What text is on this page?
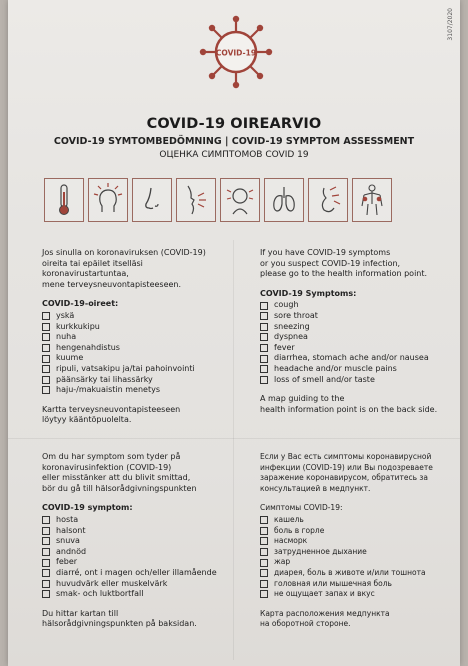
3107/2020
COVID-19
COVID-19 OIREARVIO
COVID-19 SYMTOMBEDÖMNING | COVID-19 SYMPTOM ASSESSMENT
ОЦЕНКА СИМПТОМОВ COVID 19

Jos sinulla on koronaviruksen (COVID-19)

oireita tai epäilet itselläsi koronavirustartuntaa,

mene terveysneuvontapisteeseen.

COVID-19-oireet:

yskä
kurkkukipu
nuha
hengenahdistus
kuume
ripuli, vatsakipu ja/tai pahoinvointi
päänsärky tai lihassärky
haju-/makuaistin menetys

Kartta terveysneuvontapisteeseen

löytyy kääntöpuolelta.

If you have COVID-19 symptoms

or you suspect COVID-19 infection,

please go to the health information point.

COVID-19 Symptoms:

cough
sore throat
sneezing
dyspnea
fever
diarrhea, stomach ache and/or nausea
headache and/or muscle pains
loss of smell and/or taste

A map guiding to the

health information point is on the back side.

Om du har symptom som tyder på

koronavirusinfektion (COVID-19)

eller misstänker att du blivit smittad,

bör du gå till hälsorådgivningspunkten

COVID-19 symptom:

hosta
halsont
snuva
andnöd
feber
diarré, ont i magen och/eller illamående
huvudvärk eller muskelvärk
smak- och luktbortfall

Du hittar kartan till

hälsorådgivningspunkten på baksidan.

Если у Вас есть симптомы коронавирусной

инфекции (COVID-19) или Вы подозреваете

заражение коронавирусом, обратитесь за

консультацией в медпункт.

Симптомы COVID-19:

кашель
боль в горле
насморк
затрудненное дыхание
жар
диарея, боль в животе и/или тошнота
головная или мышечная боль
не ощущает запах и вкус

Карта расположения медпункта

на оборотной стороне.
